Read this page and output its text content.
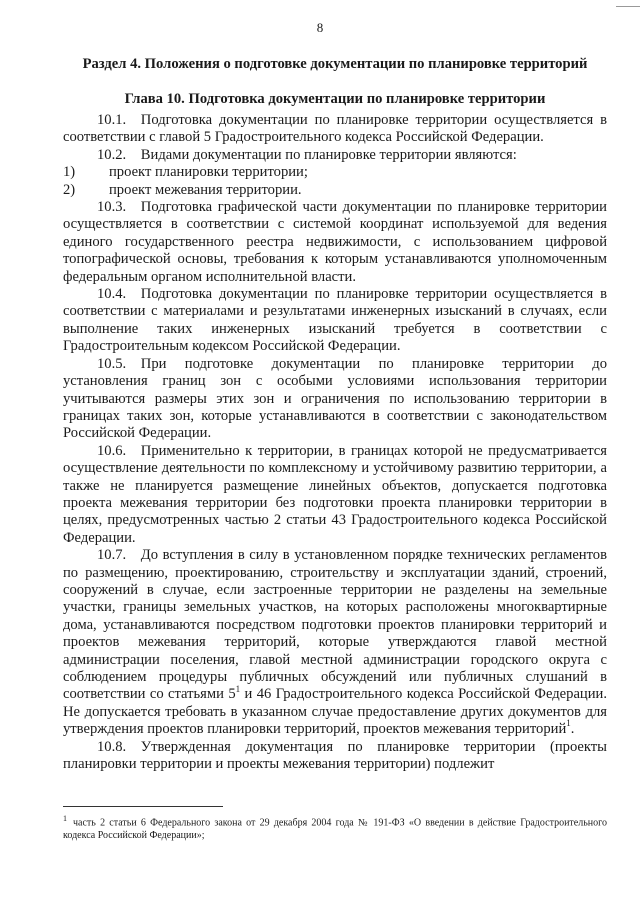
8
Раздел 4. Положения о подготовке документации по планировке территорий
Глава 10. Подготовка документации по планировке территории

10.1. Подготовка документации по планировке территории осуществляется в соответствии с главой 5 Градостроительного кодекса Российской Федерации.

10.2. Видами документации по планировке территории являются:

1) проект планировки территории;

2) проект межевания территории.

10.3. Подготовка графической части документации по планировке территории осуществляется в соответствии с системой координат используемой для ведения единого государственного реестра недвижимости, с использованием цифровой топографической основы, требования к которым устанавливаются уполномоченным федеральным органом исполнительной власти.

10.4. Подготовка документации по планировке территории осуществляется в соответствии с материалами и результатами инженерных изысканий в случаях, если выполнение таких инженерных изысканий требуется в соответствии с Градостроительным кодексом Российской Федерации.

10.5. При подготовке документации по планировке территории до установления границ зон с особыми условиями использования территории учитываются размеры этих зон и ограничения по использованию территории в границах таких зон, которые устанавливаются в соответствии с законодательством Российской Федерации.

10.6. Применительно к территории, в границах которой не предусматривается осуществление деятельности по комплексному и устойчивому развитию территории, а также не планируется размещение линейных объектов, допускается подготовка проекта межевания территории без подготовки проекта планировки территории в целях, предусмотренных частью 2 статьи 43 Градостроительного кодекса Российской Федерации.

10.7. До вступления в силу в установленном порядке технических регламентов по размещению, проектированию, строительству и эксплуатации зданий, строений, сооружений в случае, если застроенные территории не разделены на земельные участки, границы земельных участков, на которых расположены многоквартирные дома, устанавливаются посредством подготовки проектов планировки территорий и проектов межевания территорий, которые утверждаются главой местной администрации поселения, главой местной администрации городского округа с соблюдением процедуры публичных обсуждений или публичных слушаний в соответствии со статьями $5^1$ и 46 Градостроительного кодекса Российской Федерации. Не допускается требовать в указанном случае предоставление других документов для утверждения проектов планировки территорий, проектов межевания территорий$^1$.

10.8. Утвержденная документация по планировке территории (проекты планировки территории и проекты межевания территории) подлежит

$^1$ часть 2 статьи 6 Федерального закона от 29 декабря 2004 года № 191-ФЗ «О введении в действие Градостроительного кодекса Российской Федерации»;
